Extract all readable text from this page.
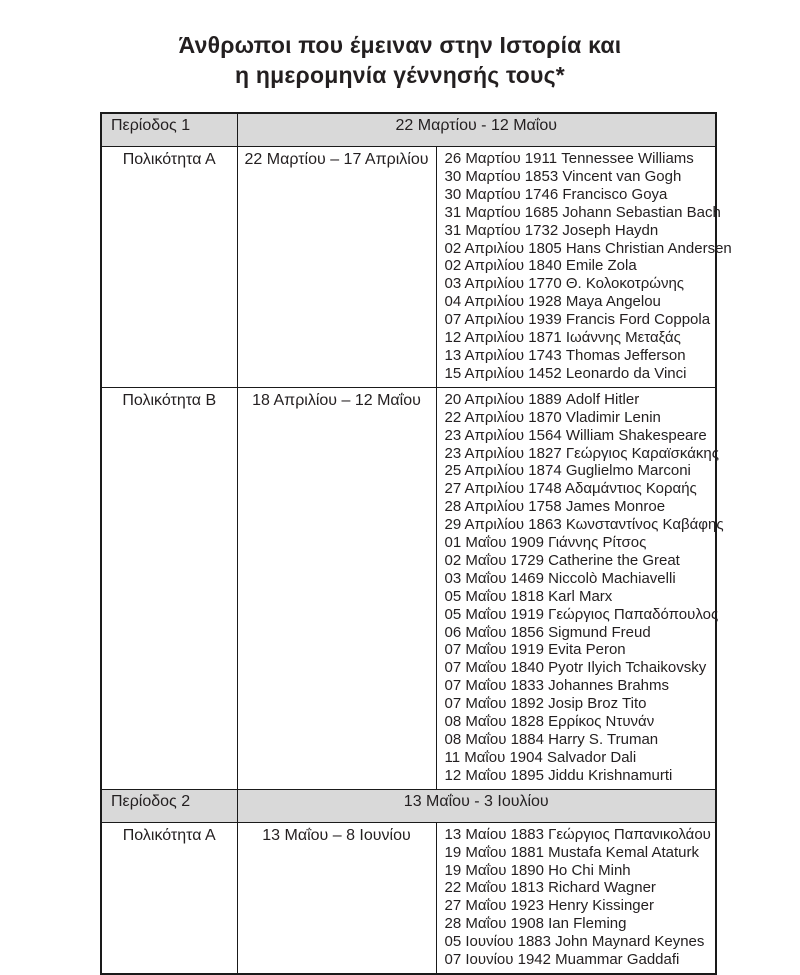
Άνθρωποι που έμειναν στην Ιστορία και
η ημερομηνία γέννησής τους*
Περίοδος 1	22 Μαρτίου - 12 Μαΐου	
Πολικότητα Α	22 Μαρτίου – 17 Απριλίου	26 Μαρτίου 1911 Tennessee Williams
30 Μαρτίου 1853 Vincent van Gogh
30 Μαρτίου 1746 Francisco Goya
31 Μαρτίου 1685 Johann Sebastian Bach
31 Μαρτίου 1732 Joseph Haydn
02 Απριλίου 1805 Hans Christian Andersen
02 Απριλίου 1840 Emile Zola
03 Απριλίου 1770 Θ. Κολοκοτρώνης
04 Απριλίου 1928 Maya Angelou
07 Απριλίου 1939 Francis Ford Coppola
12 Απριλίου 1871 Ιωάννης Μεταξάς
13 Απριλίου 1743 Thomas Jefferson
15 Απριλίου 1452 Leonardo da Vinci

Πολικότητα Β	18 Απριλίου – 12 Μαΐου	20 Απριλίου 1889 Adolf Hitler
22 Απριλίου 1870 Vladimir Lenin
23 Απριλίου 1564 William Shakespeare
23 Απριλίου 1827 Γεώργιος Καραϊσκάκης
25 Απριλίου 1874 Guglielmo Marconi
27 Απριλίου 1748 Αδαμάντιος Κοραής
28 Απριλίου 1758 James Monroe
29 Απριλίου 1863 Κωνσταντίνος Καβάφης
01 Μαΐου 1909 Γιάννης Ρίτσος
02 Μαΐου 1729 Catherine the Great
03 Μαΐου 1469 Niccolò Machiavelli
05 Μαΐου 1818 Karl Marx
05 Μαΐου 1919 Γεώργιος Παπαδόπουλος
06 Μαΐου 1856 Sigmund Freud
07 Μαΐου 1919 Evita Peron
07 Μαΐου 1840 Pyotr Ilyich Tchaikovsky
07 Μαΐου 1833 Johannes Brahms
07 Μαΐου 1892 Josip Broz Tito
08 Μαΐου 1828 Ερρίκος Ντυνάν
08 Μαΐου 1884 Harry S. Truman
11 Μαΐου 1904 Salvador Dali
12 Μαΐου 1895 Jiddu Krishnamurti

Περίοδος 2	13 Μαΐου - 3 Ιουλίου	
Πολικότητα Α	13 Μαΐου – 8 Ιουνίου	13 Μαίου 1883 Γεώργιος Παπανικολάου
19 Μαΐου 1881 Mustafa Kemal Ataturk
19 Μαΐου 1890 Ho Chi Minh
22 Μαΐου 1813 Richard Wagner
27 Μαΐου 1923 Henry Kissinger
28 Μαΐου 1908 Ian Fleming
05 Ιουνίου 1883 John Maynard Keynes
07 Ιουνίου 1942 Muammar Gaddafi
